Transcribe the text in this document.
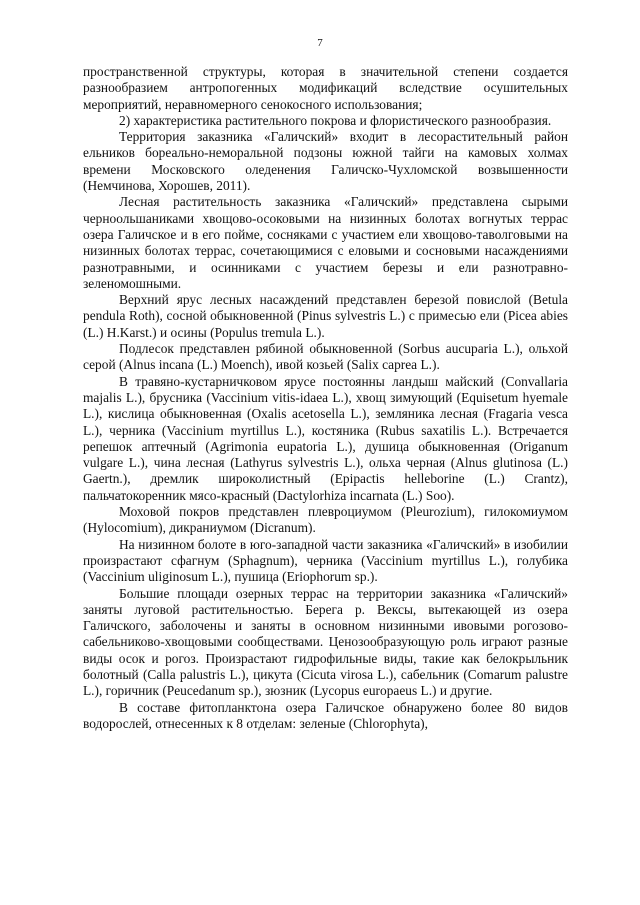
7

пространственной структуры, которая в значительной степени создается разнообразием антропогенных модификаций вследствие осушительных мероприятий, неравномерного сенокосного использования;

2) характеристика растительного покрова и флористического разнообразия.

Территория заказника «Галичский» входит в лесорастительный район ельников бореально-неморальной подзоны южной тайги на камовых холмах времени Московского оледенения Галичско-Чухломской возвышенности (Немчинова, Хорошев, 2011).

Лесная растительность заказника «Галичский» представлена сырыми черноольшаниками хвощово-осоковыми на низинных болотах вогнутых террас озера Галичское и в его пойме, сосняками с участием ели хвощово-таволговыми на низинных болотах террас, сочетающимися с еловыми и сосновыми насаждениями разнотравными, и осинниками с участием березы и ели разнотравно-зеленомошными.

Верхний ярус лесных насаждений представлен березой повислой (Betula pendula Roth), сосной обыкновенной (Pinus sylvestris L.) с примесью ели (Picea abies (L.) H.Karst.) и осины (Populus tremula L.).

Подлесок представлен рябиной обыкновенной (Sorbus aucuparia L.), ольхой серой (Alnus incana (L.) Moench), ивой козьей (Salix caprea L.).

В травяно-кустарничковом ярусе постоянны ландыш майский (Convallaria majalis L.), брусника (Vaccinium vitis-idaea L.), хвощ зимующий (Equisetum hyemale L.), кислица обыкновенная (Oxalis acetosella L.), земляника лесная (Fragaria vesca L.), черника (Vaccinium myrtillus L.), костяника (Rubus saxatilis L.). Встречается репешок аптечный (Agrimonia eupatoria L.), душица обыкновенная (Origanum vulgare L.), чина лесная (Lathyrus sylvestris L.), ольха черная (Alnus glutinosa (L.) Gaertn.), дремлик широколистный (Epipactis helleborine (L.) Crantz), пальчатокоренник мясо-красный (Dactylorhiza incarnata (L.) Soo).

Моховой покров представлен плевроциумом (Pleurozium), гилокомиумом (Hylocomium), дикраниумом (Dicranum).

На низинном болоте в юго-западной части заказника «Галичский» в изобилии произрастают сфагнум (Sphagnum), черника (Vaccinium myrtillus L.), голубика (Vaccinium uliginosum L.), пушица (Eriophorum sp.).

Большие площади озерных террас на территории заказника «Галичский» заняты луговой растительностью. Берега р. Вексы, вытекающей из озера Галичского, заболочены и заняты в основном низинными ивовыми рогозово-сабельниково-хвощовыми сообществами. Ценозообразующую роль играют разные виды осок и рогоз. Произрастают гидрофильные виды, такие как белокрыльник болотный (Calla palustris L.), цикута (Cicuta virosa L.), сабельник (Comarum palustre L.), горичник (Peucedanum sp.), зюзник (Lycopus europaeus L.) и другие.

В составе фитопланктона озера Галичское обнаружено более 80 видов водорослей, отнесенных к 8 отделам: зеленые (Chlorophyta),
